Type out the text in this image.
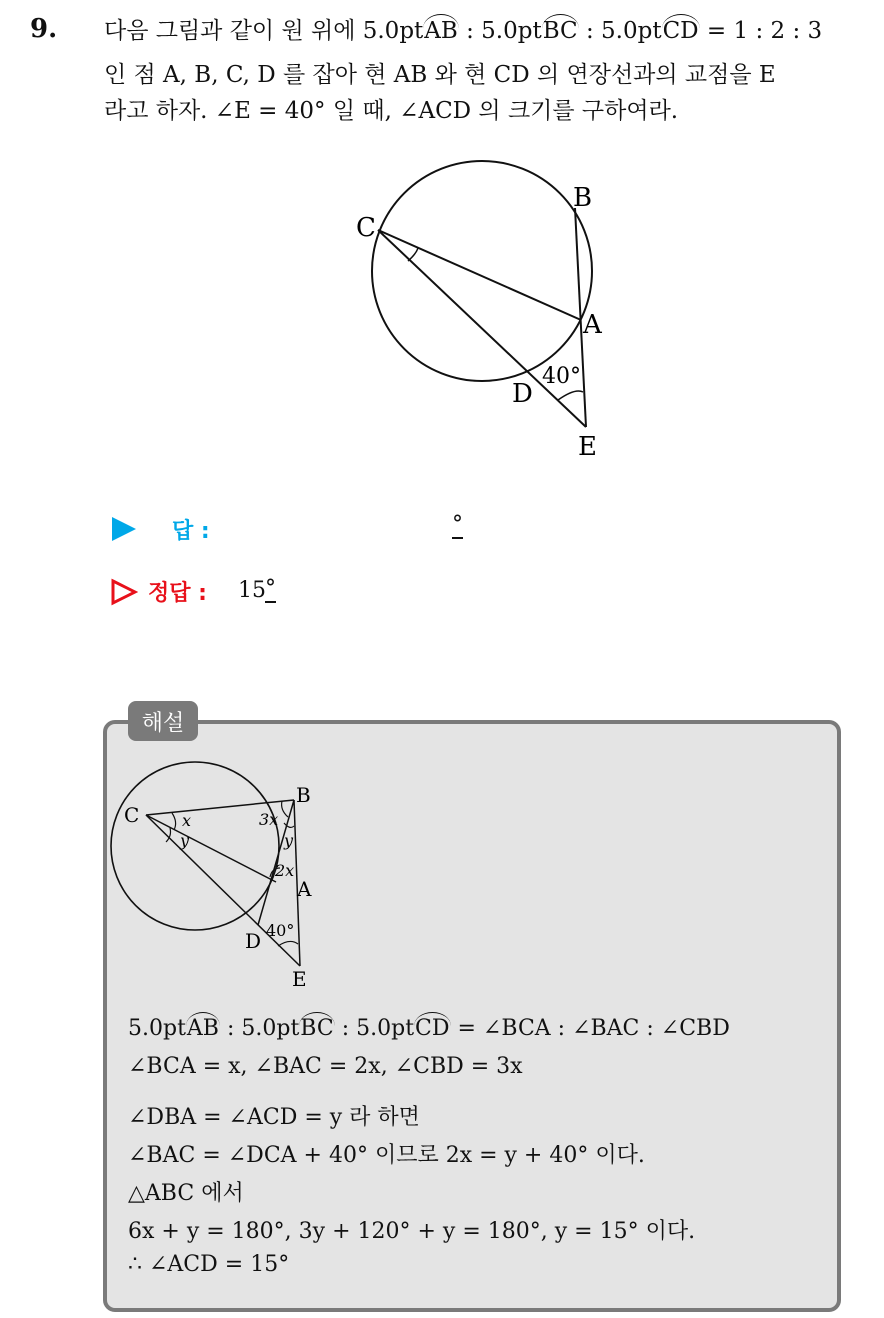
9. 다음 그림과 같이 원 위에 5.0ptAB : 5.0ptBC : 5.0ptCD = 1 : 2 : 3
인 점 A, B, C, D 를 잡아 현 AB 와 현 CD 의 연장선과의 교점을 E
라고 하자. ∠E = 40° 일 때, ∠ACD 의 크기를 구하여라.
C
B
A
D
E
40°
답 :	°
정답 : 15 °
해설
C
B
A
D
E
x
y
3x
y
2x
40°
5.0ptAB : 5.0ptBC : 5.0ptCD = ∠BCA : ∠BAC : ∠CBD
∠BCA = x, ∠BAC = 2x, ∠CBD = 3x
∠DBA = ∠ACD = y 라 하면
∠BAC = ∠DCA + 40° 이므로 2x = y + 40° 이다.
△ABC 에서
6x + y = 180°, 3y + 120° + y = 180°, y = 15° 이다.
∴ ∠ACD = 15°
